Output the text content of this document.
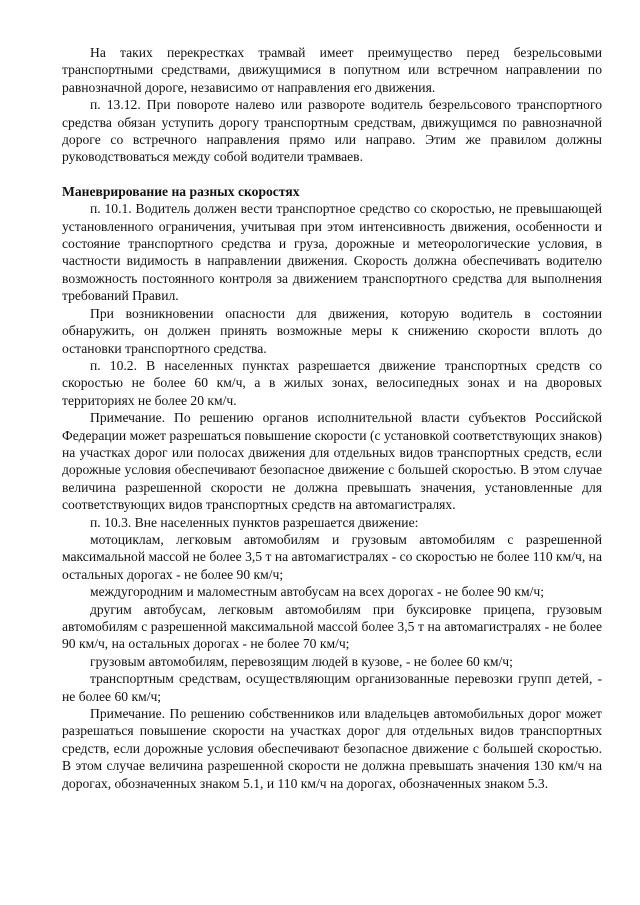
На таких перекрестках трамвай имеет преимущество перед безрельсовыми транспортными средствами, движущимися в попутном или встречном направлении по равнозначной дороге, независимо от направления его движения.

п. 13.12. При повороте налево или развороте водитель безрельсового транспортного средства обязан уступить дорогу транспортным средствам, движущимся по равнозначной дороге со встречного направления прямо или направо. Этим же правилом должны руководствоваться между собой водители трамваев.

Маневрирование на разных скоростях

п. 10.1. Водитель должен вести транспортное средство со скоростью, не превышающей установленного ограничения, учитывая при этом интенсивность движения, особенности и состояние транспортного средства и груза, дорожные и метеорологические условия, в частности видимость в направлении движения. Скорость должна обеспечивать водителю возможность постоянного контроля за движением транспортного средства для выполнения требований Правил.

При возникновении опасности для движения, которую водитель в состоянии обнаружить, он должен принять возможные меры к снижению скорости вплоть до остановки транспортного средства.

п. 10.2. В населенных пунктах разрешается движение транспортных средств со скоростью не более 60 км/ч, а в жилых зонах, велосипедных зонах и на дворовых территориях не более 20 км/ч.

Примечание. По решению органов исполнительной власти субъектов Российской Федерации может разрешаться повышение скорости (с установкой соответствующих знаков) на участках дорог или полосах движения для отдельных видов транспортных средств, если дорожные условия обеспечивают безопасное движение с большей скоростью. В этом случае величина разрешенной скорости не должна превышать значения, установленные для соответствующих видов транспортных средств на автомагистралях.

п. 10.3. Вне населенных пунктов разрешается движение:

мотоциклам, легковым автомобилям и грузовым автомобилям с разрешенной максимальной массой не более 3,5 т на автомагистралях - со скоростью не более 110 км/ч, на остальных дорогах - не более 90 км/ч;

междугородним и маломестным автобусам на всех дорогах - не более 90 км/ч;

другим автобусам, легковым автомобилям при буксировке прицепа, грузовым автомобилям с разрешенной максимальной массой более 3,5 т на автомагистралях - не более 90 км/ч, на остальных дорогах - не более 70 км/ч;

грузовым автомобилям, перевозящим людей в кузове, - не более 60 км/ч;

транспортным средствам, осуществляющим организованные перевозки групп детей, - не более 60 км/ч;

Примечание. По решению собственников или владельцев автомобильных дорог может разрешаться повышение скорости на участках дорог для отдельных видов транспортных средств, если дорожные условия обеспечивают безопасное движение с большей скоростью. В этом случае величина разрешенной скорости не должна превышать значения 130 км/ч на дорогах, обозначенных знаком 5.1, и 110 км/ч на дорогах, обозначенных знаком 5.3.
